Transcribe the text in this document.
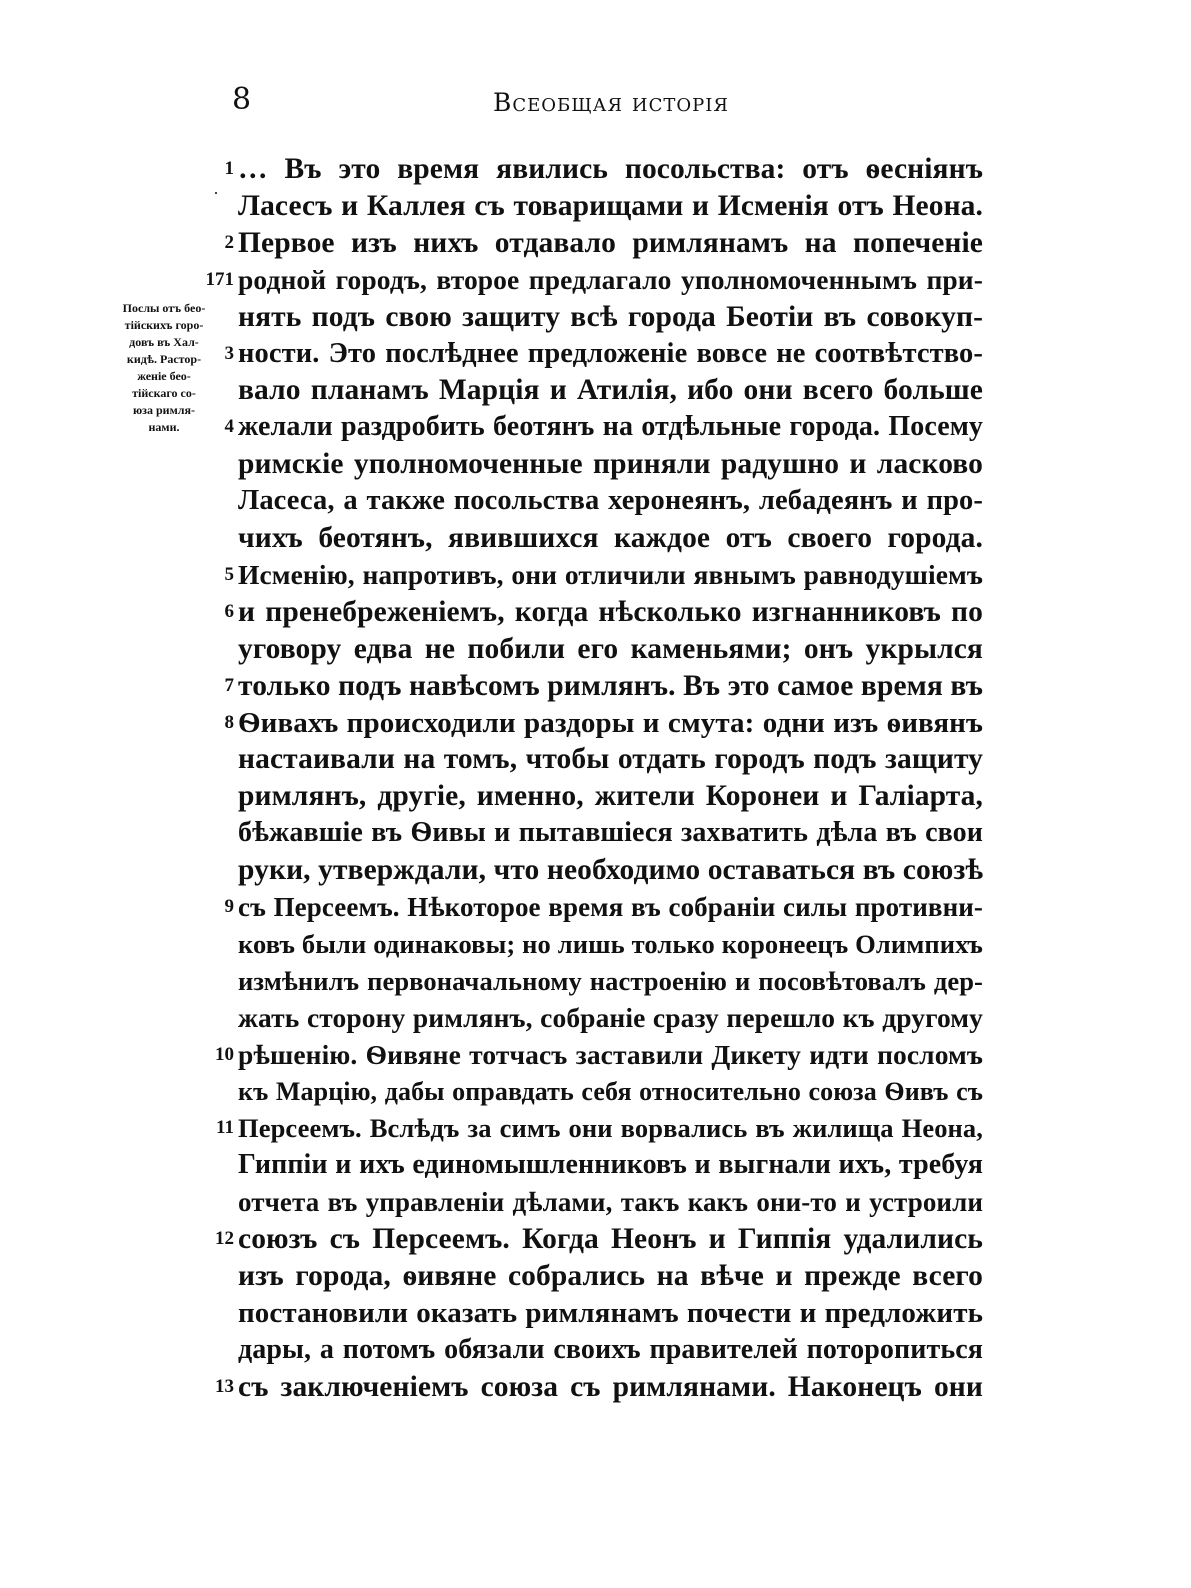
8	Всеобщая исторія
Послы отъ бео-
тійскихъ горо-
довъ въ Хал-
кидѣ. Растор-
женіе бео-
тійскаго со-
юза римля-
нами.
1 … Въ это время явились посольства: отъ ѳесніянъ
Ласесъ и Каллея съ товарищами и Исменія отъ Неона.
2 Первое изъ нихъ отдавало римлянамъ на попеченіе
171 родной городъ, второе предлагало уполномоченнымъ при-
нять подъ свою защиту всѣ города Беотіи въ совокуп-
3 ности. Это послѣднее предложеніе вовсе не соотвѣтство-
вало планамъ Марція и Атилія, ибо они всего больше
4 желали раздробить беотянъ на отдѣльные города. Посему
римскіе уполномоченные приняли радушно и ласково
Ласеса, а также посольства херонеянъ, лебадеянъ и про-
чихъ беотянъ, явившихся каждое отъ своего города.
5 Исменію, напротивъ, они отличили явнымъ равнодушіемъ
6 и пренебреженіемъ, когда нѣсколько изгнанниковъ по
уговору едва не побили его каменьями; онъ укрылся
7 только подъ навѣсомъ римлянъ. Въ это самое время въ
8 Ѳивахъ происходили раздоры и смута: одни изъ ѳивянъ
настаивали на томъ, чтобы отдать городъ подъ защиту
римлянъ, другіе, именно, жители Коронеи и Галіарта,
бѣжавшіе въ Ѳивы и пытавшіеся захватить дѣла въ свои
руки, утверждали, что необходимо оставаться въ союзѣ
9 съ Персеемъ. Нѣкоторое время въ собраніи силы противни-
ковъ были одинаковы; но лишь только коронеецъ Олимпихъ
измѣнилъ первоначальному настроенію и посовѣтовалъ дер-
жать сторону римлянъ, собраніе сразу перешло къ другому
10 рѣшенію. Ѳивяне тотчасъ заставили Дикету идти посломъ
къ Марцію, дабы оправдать себя относительно союза Ѳивъ съ
11 Персеемъ. Вслѣдъ за симъ они ворвались въ жилища Неона,
Гиппіи и ихъ единомышленниковъ и выгнали ихъ, требуя
отчета въ управленіи дѣлами, такъ какъ они-то и устроили
12 союзъ съ Персеемъ. Когда Неонъ и Гиппія удалились
изъ города, ѳивяне собрались на вѣче и прежде всего
постановили оказать римлянамъ почести и предложить
дары, а потомъ обязали своихъ правителей поторопиться
13 съ заключеніемъ союза съ римлянами. Наконецъ они
